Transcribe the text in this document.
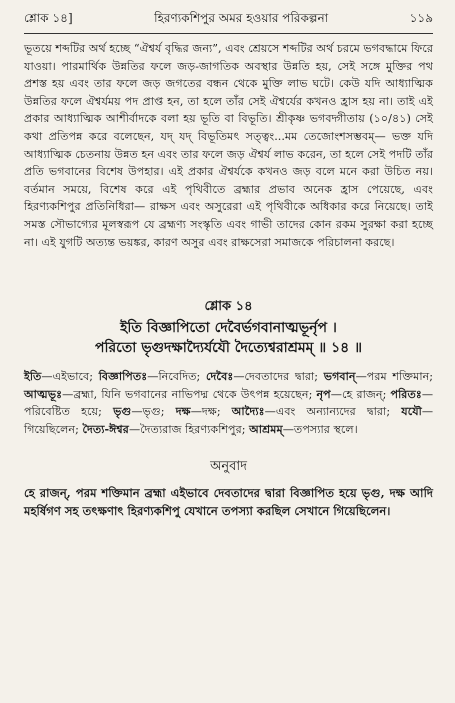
শ্লোক ১৪]	হিরণ্যকশিপুর অমর হওয়ার পরিকল্পনা	১১৯

ভূতয়ে শব্দটির অর্থ হচ্ছে “ঐশ্বর্য বৃদ্ধির জন্য”, এবং শ্রেয়সে শব্দটির অর্থ চরমে ভগবদ্ধামে ফিরে যাওয়া। পারমার্থিক উন্নতির ফলে জড়-জাগতিক অবস্থার উন্নতি হয়, সেই সঙ্গে মুক্তির পথ প্রশস্ত হয় এবং তার ফলে জড় জগতের বন্ধন থেকে মুক্তি লাভ ঘটে। কেউ যদি আধ্যাত্মিক উন্নতির ফলে ঐশ্বর্যময় পদ প্রাপ্ত হন, তা হলে তাঁর সেই ঐশ্বর্যের কখনও হ্রাস হয় না। তাই এই প্রকার আধ্যাত্মিক আশীর্বাদকে বলা হয় ভূতি বা বিভূতি। শ্রীকৃষ্ণ ভগবদ্গীতায় (১০/৪১) সেই কথা প্রতিপন্ন করে বলেছেন, যদ্ যদ্ বিভূতিমৎ সত্ত্বং...মম তেজোংশসম্ভবম্— ভক্ত যদি আধ্যাত্মিক চেতনায় উন্নত হন এবং তার ফলে জড় ঐশ্বর্য লাভ করেন, তা হলে সেই পদটি তাঁর প্রতি ভগবানের বিশেষ উপহার। এই প্রকার ঐশ্বর্যকে কখনও জড় বলে মনে করা উচিত নয়। বর্তমান সময়ে, বিশেষ করে এই পৃথিবীতে ব্রহ্মার প্রভাব অনেক হ্রাস পেয়েছে, এবং হিরণ্যকশিপুর প্রতিনিধিরা— রাক্ষস এবং অসুরেরা এই পৃথিবীকে অধিকার করে নিয়েছে। তাই সমস্ত সৌভাগ্যের মূলস্বরূপ যে ব্রহ্মণ্য সংস্কৃতি এবং গাভী তাদের কোন রকম সুরক্ষা করা হচ্ছে না। এই যুগটি অত্যন্ত ভয়ঙ্কর, কারণ অসুর এবং রাক্ষসেরা সমাজকে পরিচালনা করছে।

শ্লোক ১৪
ইতি বিজ্ঞাপিতো দেবৈর্ভগবানাত্মভূর্নৃপ ।
পরিতো ভৃগুদক্ষাদ্যৈর্যযৌ দৈত্যেশ্বরাশ্রমম্ ॥ ১৪ ॥

ইতি—এইভাবে; বিজ্ঞাপিতঃ—নিবেদিত; দেবৈঃ—দেবতাদের দ্বারা; ভগবান্—পরম শক্তিমান; আত্মভূঃ—ব্রহ্মা, যিনি ভগবানের নাভিপদ্ম থেকে উৎপন্ন হয়েছেন; নৃপ—হে রাজন্; পরিতঃ—পরিবেষ্টিত হয়ে; ভৃগু—ভৃগু; দক্ষ—দক্ষ; আদ্যৈঃ—এবং অন্যান্যদের দ্বারা; যযৌ—গিয়েছিলেন; দৈত্য-ঈশ্বর—দৈত্যরাজ হিরণ্যকশিপুর; আশ্রমম্—তপস্যার স্থলে।

অনুবাদ

হে রাজন্, পরম শক্তিমান ব্রহ্মা এইভাবে দেবতাদের দ্বারা বিজ্ঞাপিত হয়ে ভৃগু, দক্ষ আদি মহর্ষিগণ সহ তৎক্ষণাৎ হিরণ্যকশিপু যেখানে তপস্যা করছিল সেখানে গিয়েছিলেন।
